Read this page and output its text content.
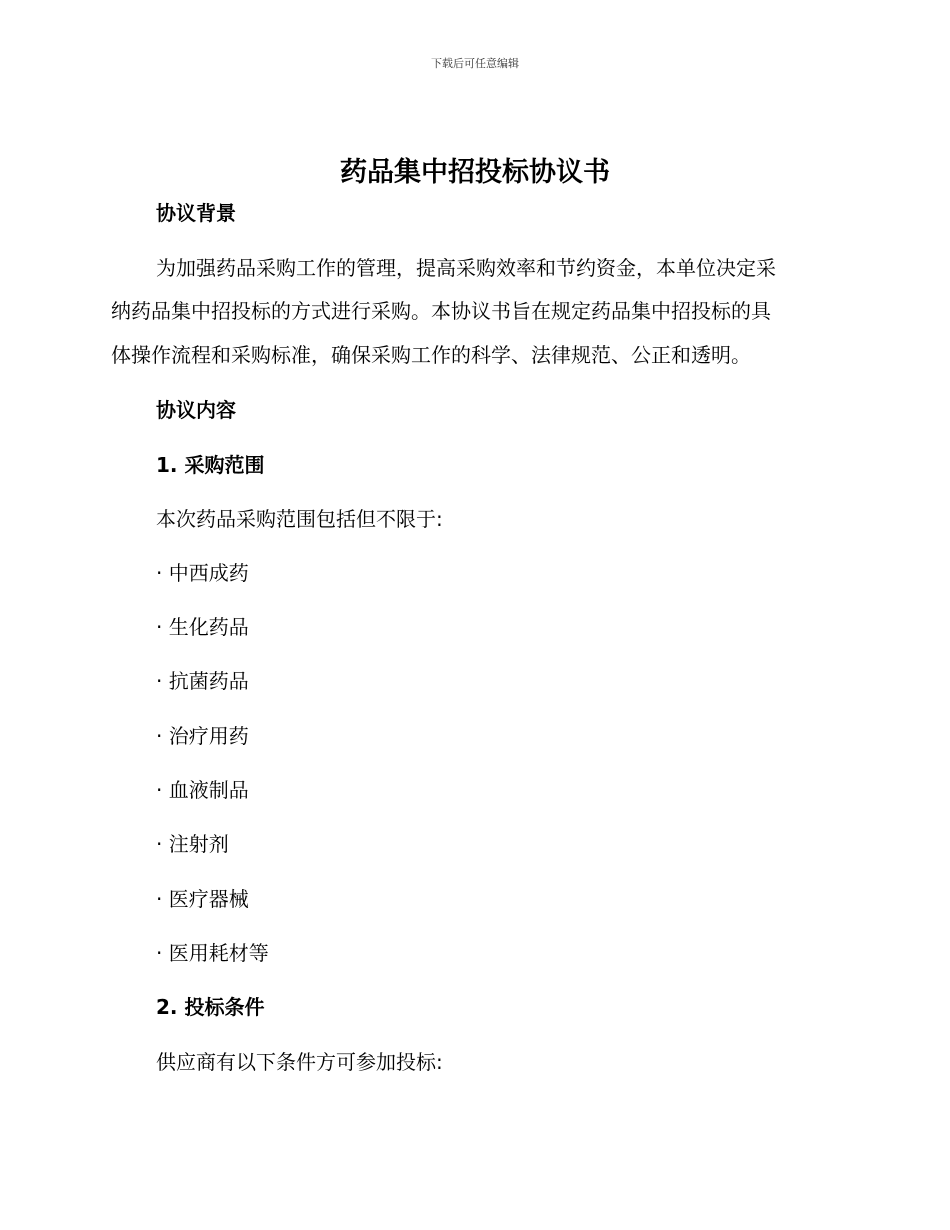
下载后可任意编辑
药品集中招投标协议书
协议背景
为加强药品采购工作的管理，提高采购效率和节约资金，本单位决定采
纳药品集中招投标的方式进行采购。本协议书旨在规定药品集中招投标的具
体操作流程和采购标准，确保采购工作的科学、法律规范、公正和透明。
协议内容
1. 采购范围
本次药品采购范围包括但不限于:
· 中西成药
· 生化药品
· 抗菌药品
· 治疗用药
· 血液制品
· 注射剂
· 医疗器械
· 医用耗材等
2. 投标条件
供应商有以下条件方可参加投标:
